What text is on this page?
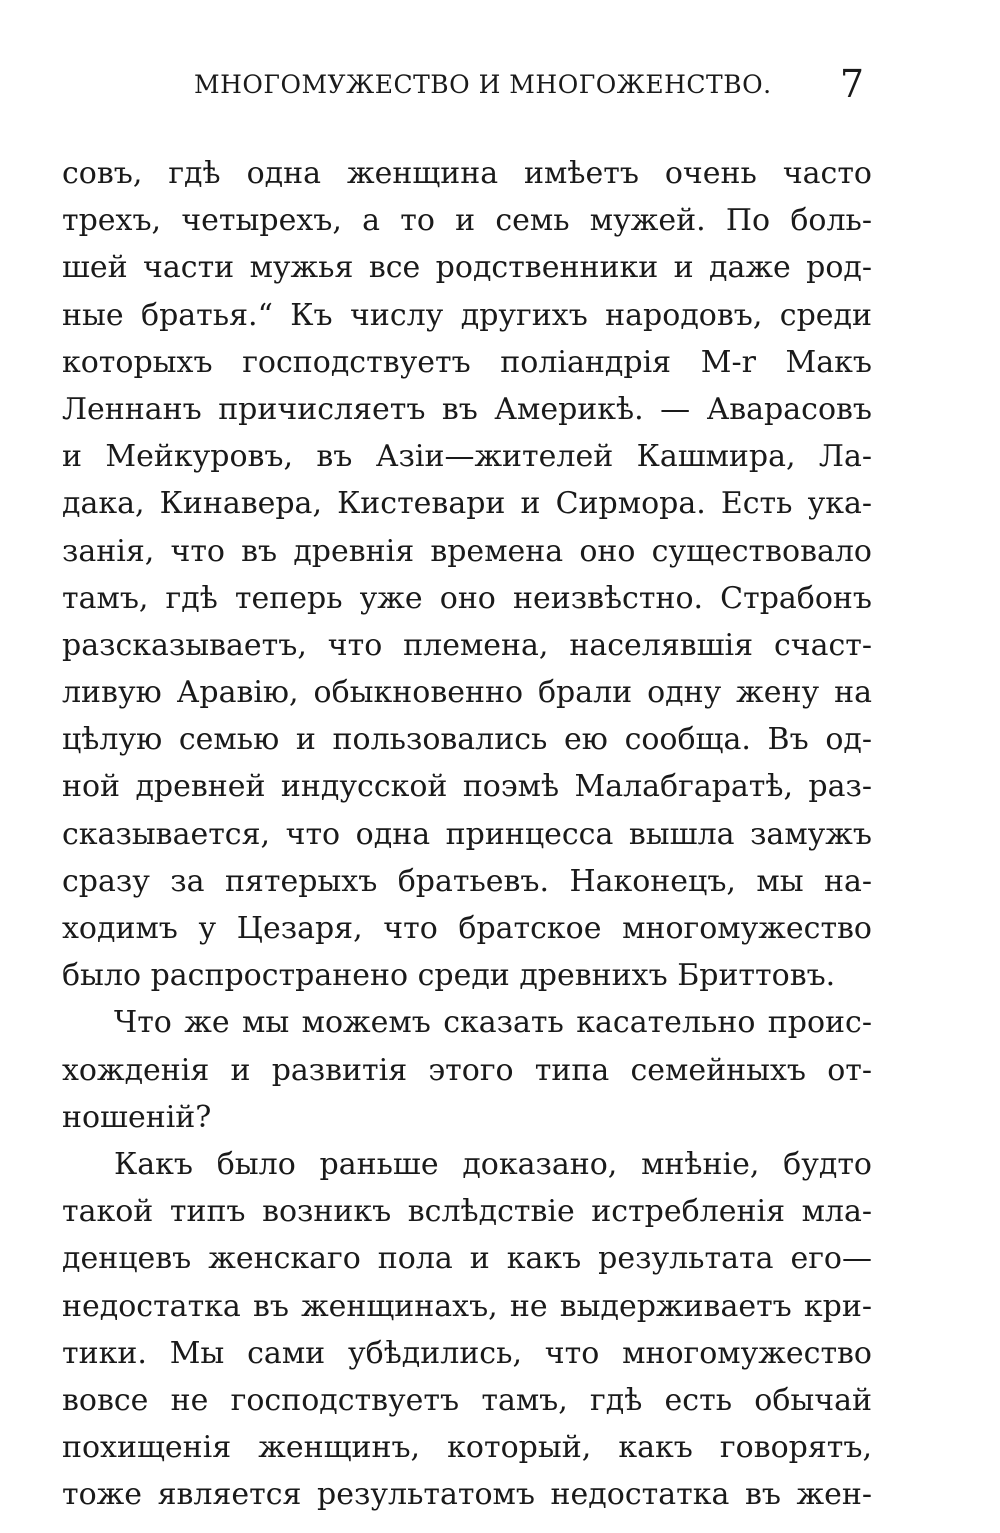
МНОГОМУЖЕСТВО И МНОГОЖЕНСТВО. 7
совъ, гдѣ одна женщина имѣетъ очень часто
трехъ, четырехъ, а то и семь мужей. По боль-
шей части мужья все родственники и даже род-
ные братья.“ Къ числу другихъ народовъ, среди
которыхъ господствуетъ поліандрія М-r Макъ
Леннанъ причисляетъ въ Америкѣ. — Аварасовъ
и Мейкуровъ, въ Азіи—жителей Кашмира, Ла-
дака, Кинавера, Кистевари и Сирмора. Есть ука-
занія, что въ древнія времена оно существовало
тамъ, гдѣ теперь уже оно неизвѣстно. Страбонъ
разсказываетъ, что племена, населявшія счаст-
ливую Аравію, обыкновенно брали одну жену на
цѣлую семью и пользовались ею сообща. Въ од-
ной древней индусской поэмѣ Малабгаратѣ, раз-
сказывается, что одна принцесса вышла замужъ
сразу за пятерыхъ братьевъ. Наконецъ, мы на-
ходимъ у Цезаря, что братское многомужество
было распространено среди древнихъ Бриттовъ.
Что же мы можемъ сказать касательно проис-
хожденія и развитія этого типа семейныхъ от-
ношеній?
Какъ было раньше доказано, мнѣніе, будто
такой типъ возникъ вслѣдствіе истребленія мла-
денцевъ женскаго пола и какъ результата его—
недостатка въ женщинахъ, не выдерживаетъ кри-
тики. Мы сами убѣдились, что многомужество
вовсе не господствуетъ тамъ, гдѣ есть обычай
похищенія женщинъ, который, какъ говорятъ,
тоже является результатомъ недостатка въ жен-
